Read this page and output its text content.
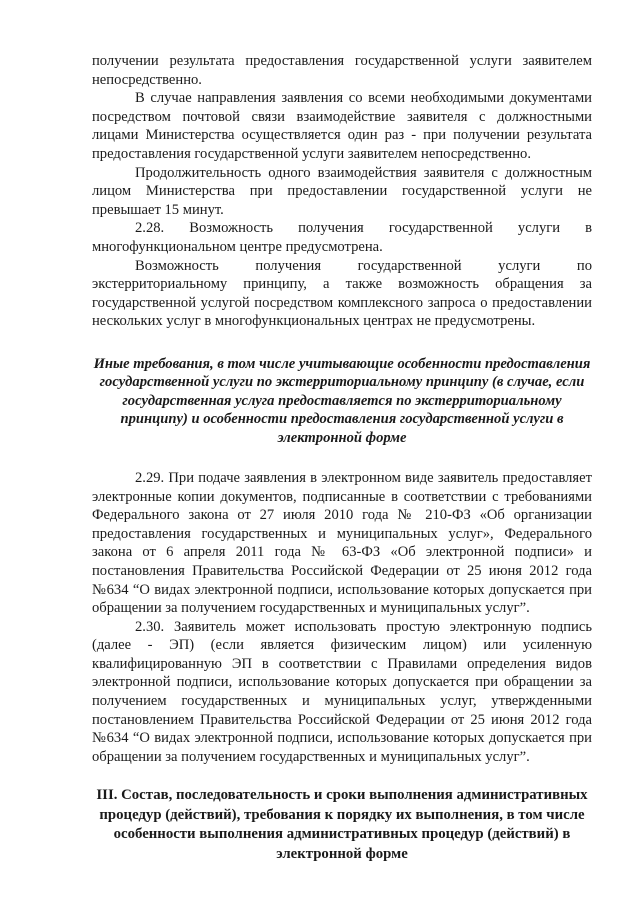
получении результата предоставления государственной услуги заявителем непосредственно.

В случае направления заявления со всеми необходимыми документами посредством почтовой связи взаимодействие заявителя с должностными лицами Министерства осуществляется один раз - при получении результата предоставления государственной услуги заявителем непосредственно.

Продолжительность одного взаимодействия заявителя с должностным лицом Министерства при предоставлении государственной услуги не превышает 15 минут.

2.28. Возможность получения государственной услуги в многофункциональном центре предусмотрена.

Возможность получения государственной услуги по экстерриториальному принципу, а также возможность обращения за государственной услугой посредством комплексного запроса о предоставлении нескольких услуг в многофункциональных центрах не предусмотрены.

Иные требования, в том числе учитывающие особенности предоставления государственной услуги по экстерриториальному принципу (в случае, если государственная услуга предоставляется по экстерриториальному принципу) и особенности предоставления государственной услуги в электронной форме

2.29. При подаче заявления в электронном виде заявитель предоставляет электронные копии документов, подписанные в соответствии с требованиями Федерального закона от 27 июля 2010 года № 210-ФЗ «Об организации предоставления государственных и муниципальных услуг», Федерального закона от 6 апреля 2011 года № 63-ФЗ «Об электронной подписи» и постановления Правительства Российской Федерации от 25 июня 2012 года №634 “О видах электронной подписи, использование которых допускается при обращении за получением государственных и муниципальных услуг”.

2.30. Заявитель может использовать простую электронную подпись (далее - ЭП) (если является физическим лицом) или усиленную квалифицированную ЭП в соответствии с Правилами определения видов электронной подписи, использование которых допускается при обращении за получением государственных и муниципальных услуг, утвержденными постановлением Правительства Российской Федерации от 25 июня 2012 года №634 “О видах электронной подписи, использование которых допускается при обращении за получением государственных и муниципальных услуг”.

III. Состав, последовательность и сроки выполнения административных процедур (действий), требования к порядку их выполнения, в том числе особенности выполнения административных процедур (действий) в электронной форме
